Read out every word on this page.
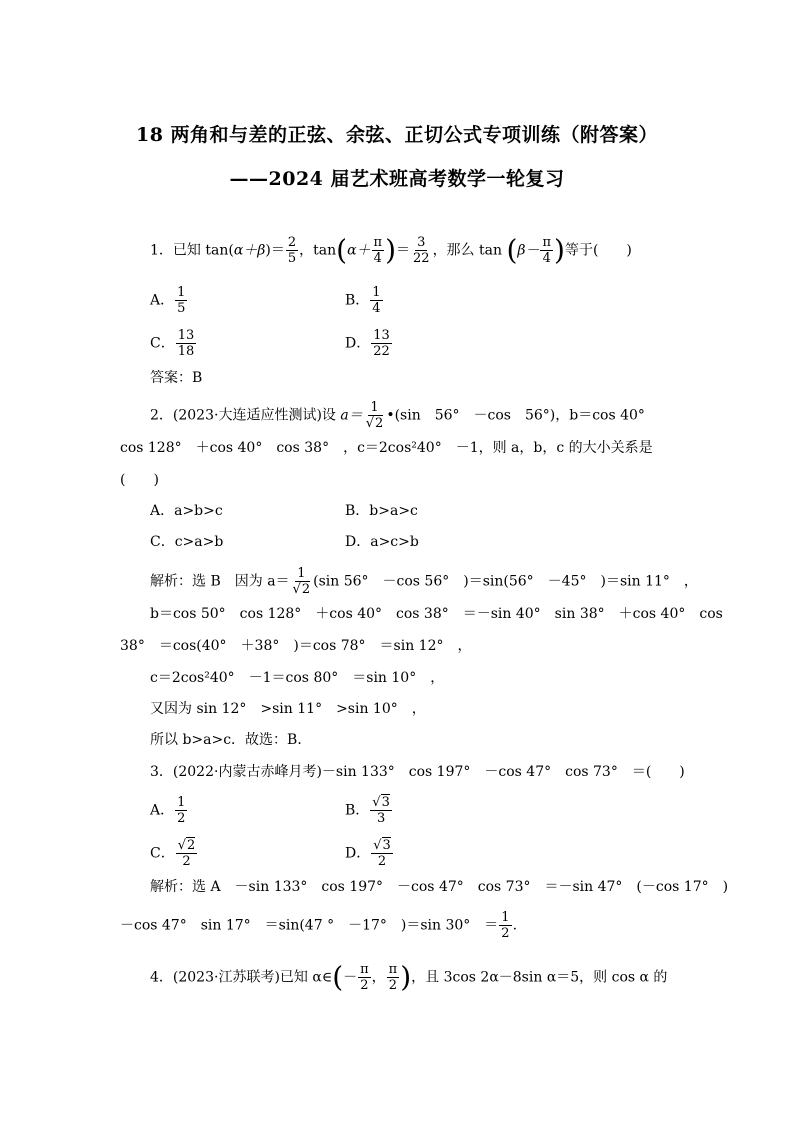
18 两角和与差的正弦、余弦、正切公式专项训练（附答案）
——2024 届艺术班高考数学一轮复习
1．已知 $\tan(\alpha+\beta)= \frac{2}{5}$ ，$\tan(\alpha+ \frac{\pi}{4}$ )＝ $\frac{3}{22}$ ，那么 $\tan (\beta- \frac{\pi}{4}$ )等于(　　)
A． $\frac{1}{5}$	B． $\frac{1}{4}$
C． $\frac{13}{18}$	D． $\frac{13}{22}$
答案：B
2．(2023·大连适应性测试)设 $a= \frac{1}{√2}$ •(sin　56°　－cos　56°)，b＝cos 40°
cos 128°　＋cos 40°　cos 38°　，c＝2cos²40°　－1，则 a，b，c 的大小关系是
(　　)
A．a>b>c	B．b>a>c
C．c>a>b	D．a>c>b
解析：选 B　因为 $a= \frac{1}{√2} (\sin$ 56°　－cos 56°　)＝sin(56°　－45°　)＝sin 11°　，
b＝cos 50°　cos 128°　＋cos 40°　cos 38°　＝－sin 40°　sin 38°　＋cos 40°　cos
38°　＝cos(40°　＋38°　)＝cos 78°　＝sin 12°　，
c＝2cos²40°　－1＝cos 80°　＝sin 10°　，
又因为 sin 12°　>sin 11°　>sin 10°　，
所以 b>a>c．故选：B．
3．(2022·内蒙古赤峰月考)－sin 133°　cos 197°　－cos 47°　cos 73°　＝(　　)
A． $\frac{1}{2}$	B． $\frac{√3}{3}$
C． $\frac{√2}{2}$	D． $\frac{√3}{2}$
解析：选 A　－sin 133°　cos 197°　－cos 47°　cos 73°　＝－sin 47°　(－cos 17°　)
－cos 47°　sin 17°　＝sin(47 °　－17°　)＝sin 30°　＝ $\frac{1}{2}$ .
4．(2023·江苏联考)已知 α∈(－ $\frac{\pi}{2}$ ， $\frac{\pi}{2}$ )，且 3cos 2α－8sin α＝5，则 cos α 的
